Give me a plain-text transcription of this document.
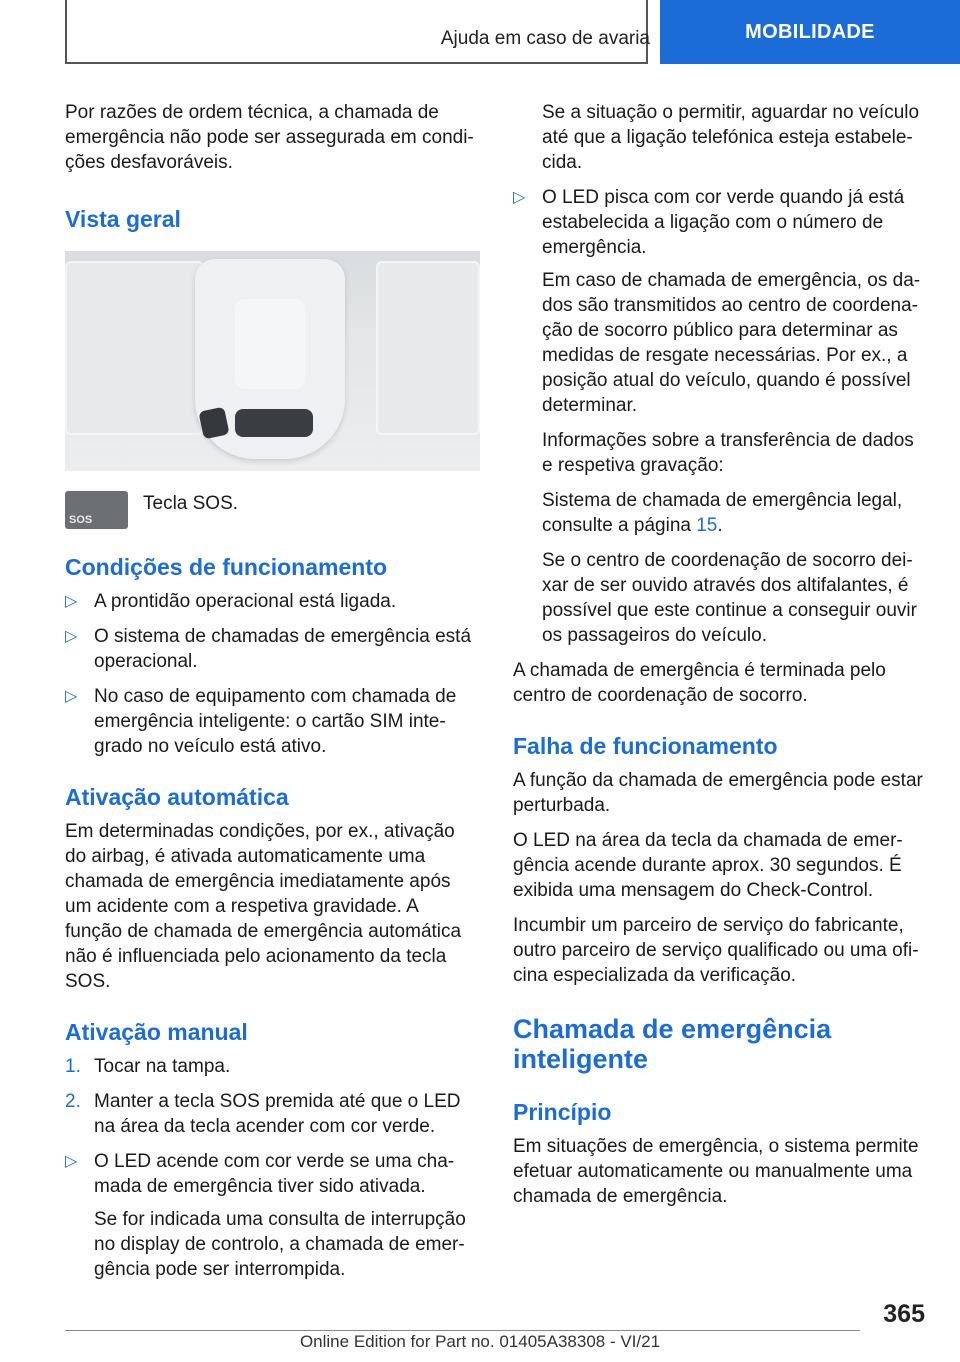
Ajuda em caso de avaria	MOBILIDADE

Por razões de ordem técnica, a chamada de emergência não pode ser assegurada em condi-ções desfavoráveis.

Vista geral
SOS
Tecla SOS.
Condições de funcionamento
▷ A prontidão operacional está ligada.
▷ O sistema de chamadas de emergência está operacional.
▷ No caso de equipamento com chamada de emergência inteligente: o cartão SIM inte-grado no veículo está ativo.
Ativação automática

Em determinadas condições, por ex., ativação do airbag, é ativada automaticamente uma chamada de emergência imediatamente após um acidente com a respetiva gravidade. A função de chamada de emergência automática não é influenciada pelo acionamento da tecla SOS.

Ativação manual
1. Tocar na tampa.
2. Manter a tecla SOS premida até que o LED na área da tecla acender com cor verde.
▷ O LED acende com cor verde se uma cha-mada de emergência tiver sido ativada.

Se for indicada uma consulta de interrupção no display de controlo, a chamada de emer-gência pode ser interrompida.

Se a situação o permitir, aguardar no veículo até que a ligação telefónica esteja estabele-cida.

▷ O LED pisca com cor verde quando já está estabelecida a ligação com o número de emergência.

Em caso de chamada de emergência, os da-dos são transmitidos ao centro de coordena-ção de socorro público para determinar as medidas de resgate necessárias. Por ex., a posição atual do veículo, quando é possível determinar.

Informações sobre a transferência de dados e respetiva gravação:

Sistema de chamada de emergência legal, consulte a página 15.

Se o centro de coordenação de socorro dei-xar de ser ouvido através dos altifalantes, é possível que este continue a conseguir ouvir os passageiros do veículo.

A chamada de emergência é terminada pelo centro de coordenação de socorro.

Falha de funcionamento

A função da chamada de emergência pode estar perturbada.

O LED na área da tecla da chamada de emer-gência acende durante aprox. 30 segundos. É exibida uma mensagem do Check-Control.

Incumbir um parceiro de serviço do fabricante, outro parceiro de serviço qualificado ou uma ofi-cina especializada da verificação.

Chamada de emergência inteligente
Princípio

Em situações de emergência, o sistema permite efetuar automaticamente ou manualmente uma chamada de emergência.

365
Online Edition for Part no. 01405A38308 - VI/21
